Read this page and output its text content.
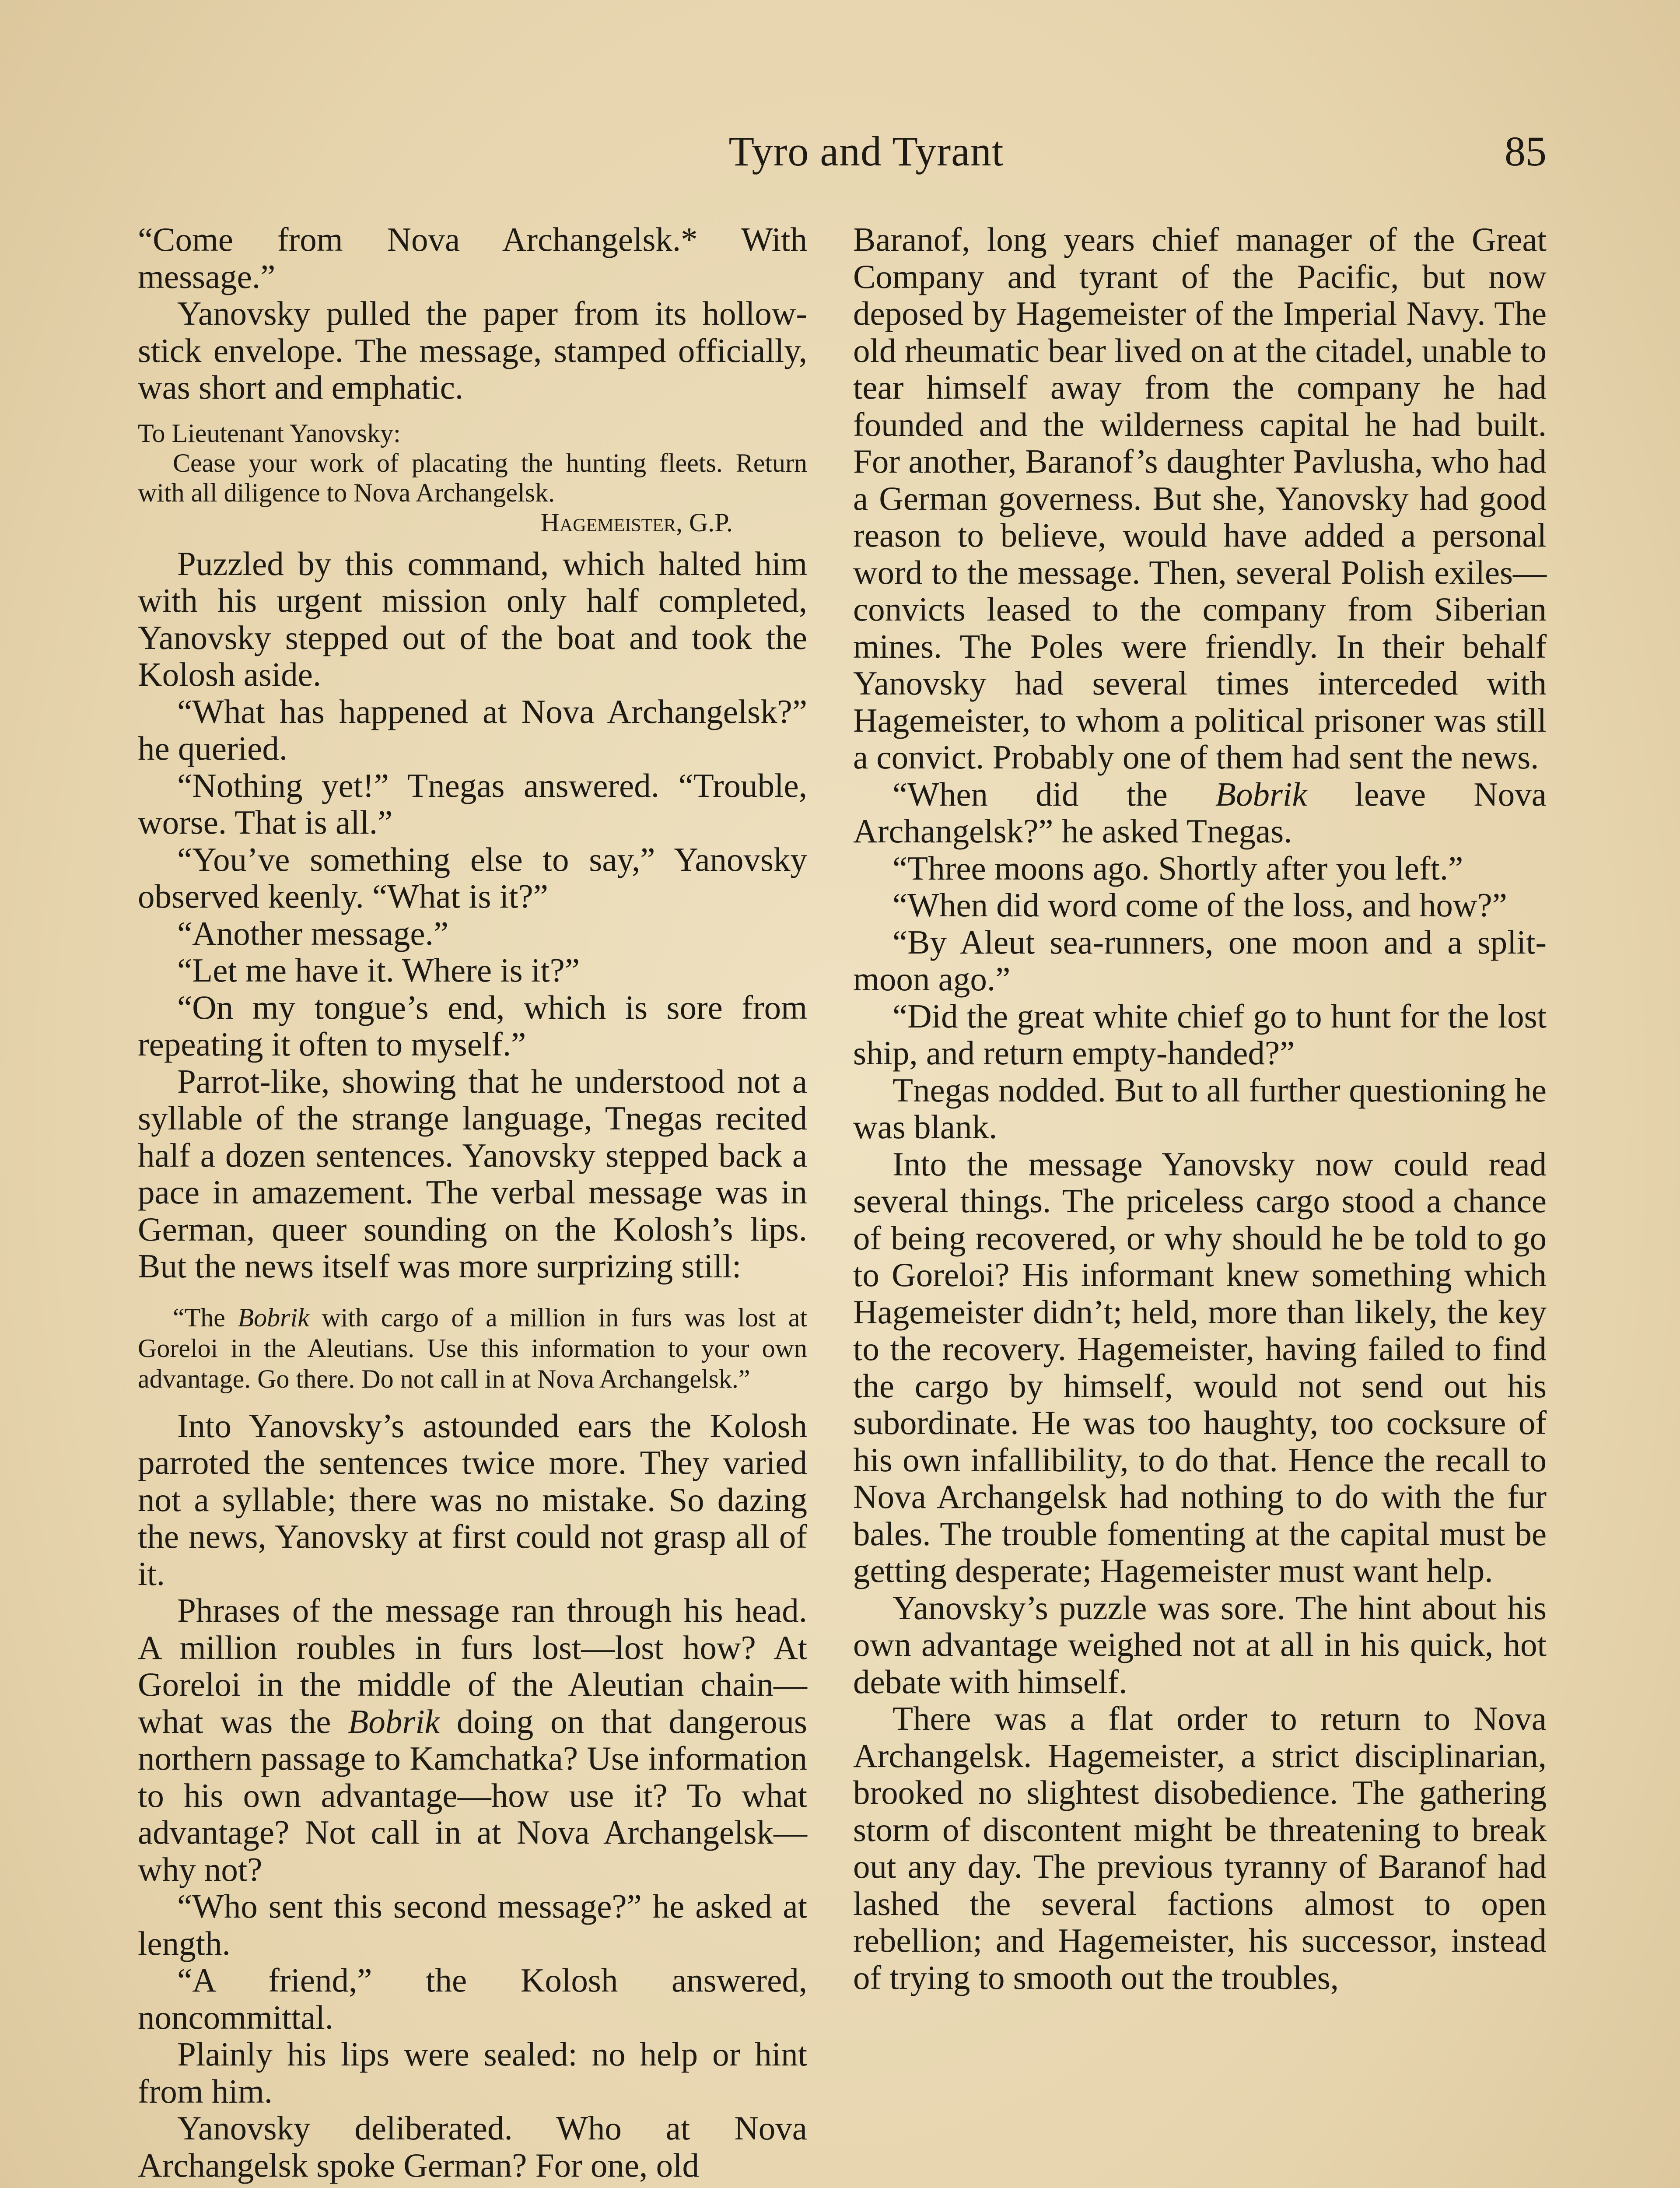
Tyro and Tyrant	85

“Come from Nova Archangelsk.* With message.”

Yanovsky pulled the paper from its hollow-stick envelope. The message, stamped officially, was short and emphatic.

To Lieutenant Yanovsky:

Cease your work of placating the hunting fleets. Return with all diligence to Nova Archangelsk.

Hagemeister, G.P.

Puzzled by this command, which halted him with his urgent mission only half completed, Yanovsky stepped out of the boat and took the Kolosh aside.

“What has happened at Nova Archangelsk?” he queried.

“Nothing yet!” Tnegas answered. “Trouble, worse. That is all.”

“You’ve something else to say,” Yanovsky observed keenly. “What is it?”

“Another message.”

“Let me have it. Where is it?”

“On my tongue’s end, which is sore from repeating it often to myself.”

Parrot-like, showing that he understood not a syllable of the strange language, Tnegas recited half a dozen sentences. Yanovsky stepped back a pace in amazement. The verbal message was in German, queer sounding on the Kolosh’s lips. But the news itself was more surprizing still:

“The Bobrik with cargo of a million in furs was lost at Goreloi in the Aleutians. Use this information to your own advantage. Go there. Do not call in at Nova Archangelsk.”

Into Yanovsky’s astounded ears the Kolosh parroted the sentences twice more. They varied not a syllable; there was no mistake. So dazing the news, Yanovsky at first could not grasp all of it.

Phrases of the message ran through his head. A million roubles in furs lost—lost how? At Goreloi in the middle of the Aleutian chain—what was the Bobrik doing on that dangerous northern passage to Kamchatka? Use information to his own advantage—how use it? To what advantage? Not call in at Nova Archangelsk—why not?

“Who sent this second message?” he asked at length.

“A friend,” the Kolosh answered, noncommittal.

Plainly his lips were sealed: no help or hint from him.

Yanovsky deliberated. Who at Nova Archangelsk spoke German? For one, old

Baranof, long years chief manager of the Great Company and tyrant of the Pacific, but now deposed by Hagemeister of the Imperial Navy. The old rheumatic bear lived on at the citadel, unable to tear himself away from the company he had founded and the wilderness capital he had built. For another, Baranof’s daughter Pavlusha, who had a German governess. But she, Yanovsky had good reason to believe, would have added a personal word to the message. Then, several Polish exiles—convicts leased to the company from Siberian mines. The Poles were friendly. In their behalf Yanovsky had several times interceded with Hagemeister, to whom a political prisoner was still a convict. Probably one of them had sent the news.

“When did the Bobrik leave Nova Archangelsk?” he asked Tnegas.

“Three moons ago. Shortly after you left.”

“When did word come of the loss, and how?”

“By Aleut sea-runners, one moon and a split-moon ago.”

“Did the great white chief go to hunt for the lost ship, and return empty-handed?”

Tnegas nodded. But to all further questioning he was blank.

Into the message Yanovsky now could read several things. The priceless cargo stood a chance of being recovered, or why should he be told to go to Goreloi? His informant knew something which Hagemeister didn’t; held, more than likely, the key to the recovery. Hagemeister, having failed to find the cargo by himself, would not send out his subordinate. He was too haughty, too cocksure of his own infallibility, to do that. Hence the recall to Nova Archangelsk had nothing to do with the fur bales. The trouble fomenting at the capital must be getting desperate; Hagemeister must want help.

Yanovsky’s puzzle was sore. The hint about his own advantage weighed not at all in his quick, hot debate with himself.

There was a flat order to return to Nova Archangelsk. Hagemeister, a strict disciplinarian, brooked no slightest disobedience. The gathering storm of discontent might be threatening to break out any day. The previous tyranny of Baranof had lashed the several factions almost to open rebellion; and Hagemeister, his successor, instead of trying to smooth out the troubles,
